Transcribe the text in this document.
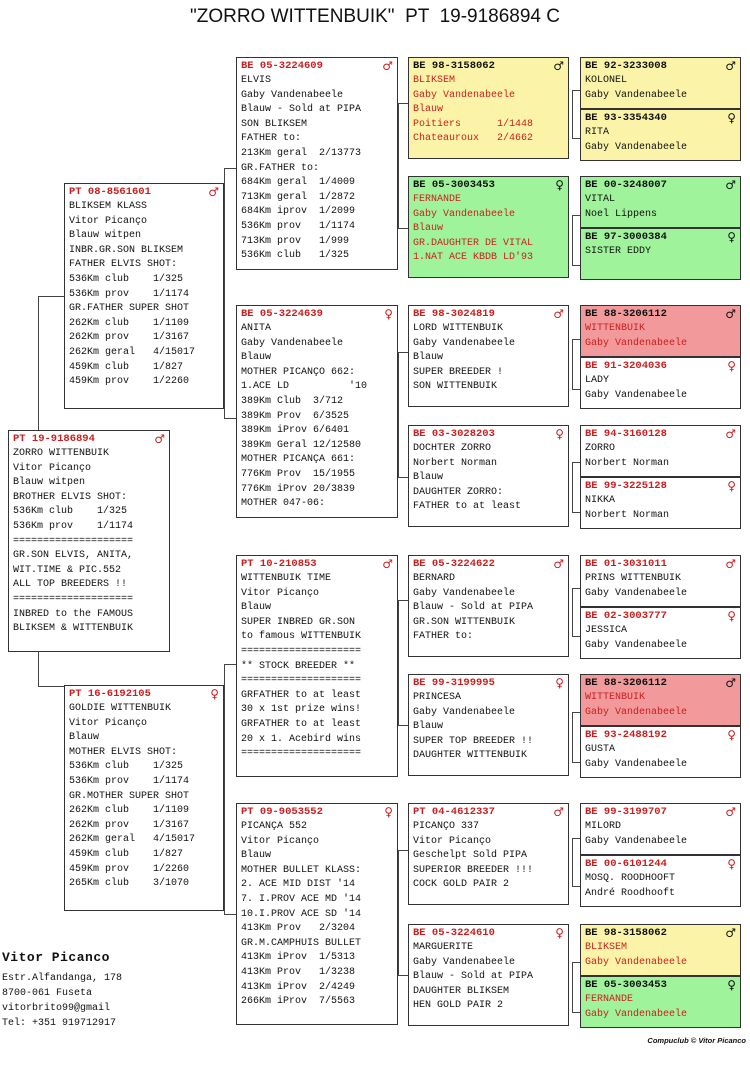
"ZORRO WITTENBUIK"  PT  19-9186894 C
PT 19-9186894	♂
ZORRO WITTENBUIK
Vitor Picanço
Blauw witpen
BROTHER ELVIS SHOT:
536Km club    1/325
536Km prov    1/1174
====================
GR.SON ELVIS, ANITA,
WIT.TIME & PIC.552
ALL TOP BREEDERS !!
====================
INBRED to the FAMOUS
BLIKSEM & WITTENBUIK
PT 08-8561601	♂
BLIKSEM KLASS
Vitor Picanço
Blauw witpen
INBR.GR.SON BLIKSEM
FATHER ELVIS SHOT:
536Km club    1/325
536Km prov    1/1174
GR.FATHER SUPER SHOT
262Km club    1/1109
262Km prov    1/3167
262Km geral   4/15017
459Km club    1/827
459Km prov    1/2260
PT 16-6192105	♀
GOLDIE WITTENBUIK
Vitor Picanço
Blauw
MOTHER ELVIS SHOT:
536Km club    1/325
536Km prov    1/1174
GR.MOTHER SUPER SHOT
262Km club    1/1109
262Km prov    1/3167
262Km geral   4/15017
459Km club    1/827
459Km prov    1/2260
265Km club    3/1070
BE 05-3224609	♂
ELVIS
Gaby Vandenabeele
Blauw - Sold at PIPA
SON BLIKSEM
FATHER to:
213Km geral  2/13773
GR.FATHER to:
684Km geral  1/4009
713Km geral  1/2872
684Km iprov  1/2099
536Km prov   1/1174
713Km prov   1/999
536Km club   1/325
BE 05-3224639	♀
ANITA
Gaby Vandenabeele
Blauw
MOTHER PICANÇO 662:
1.ACE LD          '10
389Km Club  3/712
389Km Prov  6/3525
389Km iProv 6/6401
389Km Geral 12/12580
MOTHER PICANÇA 661:
776Km Prov  15/1955
776Km iProv 20/3839
MOTHER 047-06:
PT 10-210853	♂
WITTENBUIK TIME
Vitor Picanço
Blauw
SUPER INBRED GR.SON
to famous WITTENBUIK
====================
** STOCK BREEDER **
====================
GRFATHER to at least
30 x 1st prize wins!
GRFATHER to at least
20 x 1. Acebird wins
====================
PT 09-9053552	♀
PICANÇA 552
Vitor Picanço
Blauw
MOTHER BULLET KLASS:
2. ACE MID DIST '14
7. I.PROV ACE MD '14
10.I.PROV ACE SD '14
413Km Prov   2/3204
GR.M.CAMPHUIS BULLET
413Km iProv  1/5313
413Km Prov   1/3238
413Km iProv  2/4249
266Km iProv  7/5563
BE 98-3158062	♂
BLIKSEM
Gaby Vandenabeele
Blauw
Poitiers      1/1448
Chateauroux   2/4662
BE 05-3003453	♀
FERNANDE
Gaby Vandenabeele
Blauw
GR.DAUGHTER DE VITAL
1.NAT ACE KBDB LD'93
BE 98-3024819	♂
LORD WITTENBUIK
Gaby Vandenabeele
Blauw
SUPER BREEDER !
SON WITTENBUIK
BE 03-3028203	♀
DOCHTER ZORRO
Norbert Norman
Blauw
DAUGHTER ZORRO:
FATHER to at least
BE 05-3224622	♂
BERNARD
Gaby Vandenabeele
Blauw - Sold at PIPA
GR.SON WITTENBUIK
FATHER to:
BE 99-3199995	♀
PRINCESA
Gaby Vandenabeele
Blauw
SUPER TOP BREEDER !!
DAUGHTER WITTENBUIK
PT 04-4612337	♂
PICANÇO 337
Vitor Picanço
Geschelpt Sold PIPA
SUPERIOR BREEDER !!!
COCK GOLD PAIR 2
BE 05-3224610	♀
MARGUERITE
Gaby Vandenabeele
Blauw - Sold at PIPA
DAUGHTER BLIKSEM
HEN GOLD PAIR 2
BE 92-3233008	♂
KOLONEL
Gaby Vandenabeele
BE 93-3354340	♀
RITA
Gaby Vandenabeele
BE 00-3248007	♂
VITAL
Noel Lippens
BE 97-3000384	♀
SISTER EDDY
BE 88-3206112	♂
WITTENBUIK
Gaby Vandenabeele
BE 91-3204036	♀
LADY
Gaby Vandenabeele
BE 94-3160128	♂
ZORRO
Norbert Norman
BE 99-3225128	♀
NIKKA
Norbert Norman
BE 01-3031011	♂
PRINS WITTENBUIK
Gaby Vandenabeele
BE 02-3003777	♀
JESSICA
Gaby Vandenabeele
BE 88-3206112	♂
WITTENBUIK
Gaby Vandenabeele
BE 93-2488192	♀
GUSTA
Gaby Vandenabeele
BE 99-3199707	♂
MILORD
Gaby Vandenabeele
BE 00-6101244	♀
MOSQ. ROODHOOFT
André Roodhooft
BE 98-3158062	♂
BLIKSEM
Gaby Vandenabeele
BE 05-3003453	♀
FERNANDE
Gaby Vandenabeele
Vitor Picanco
Estr.Alfandanga, 178
8700-061 Fuseta
vitorbrito99@gmail
Tel: +351 919712917
Compuclub © Vitor Picanco
